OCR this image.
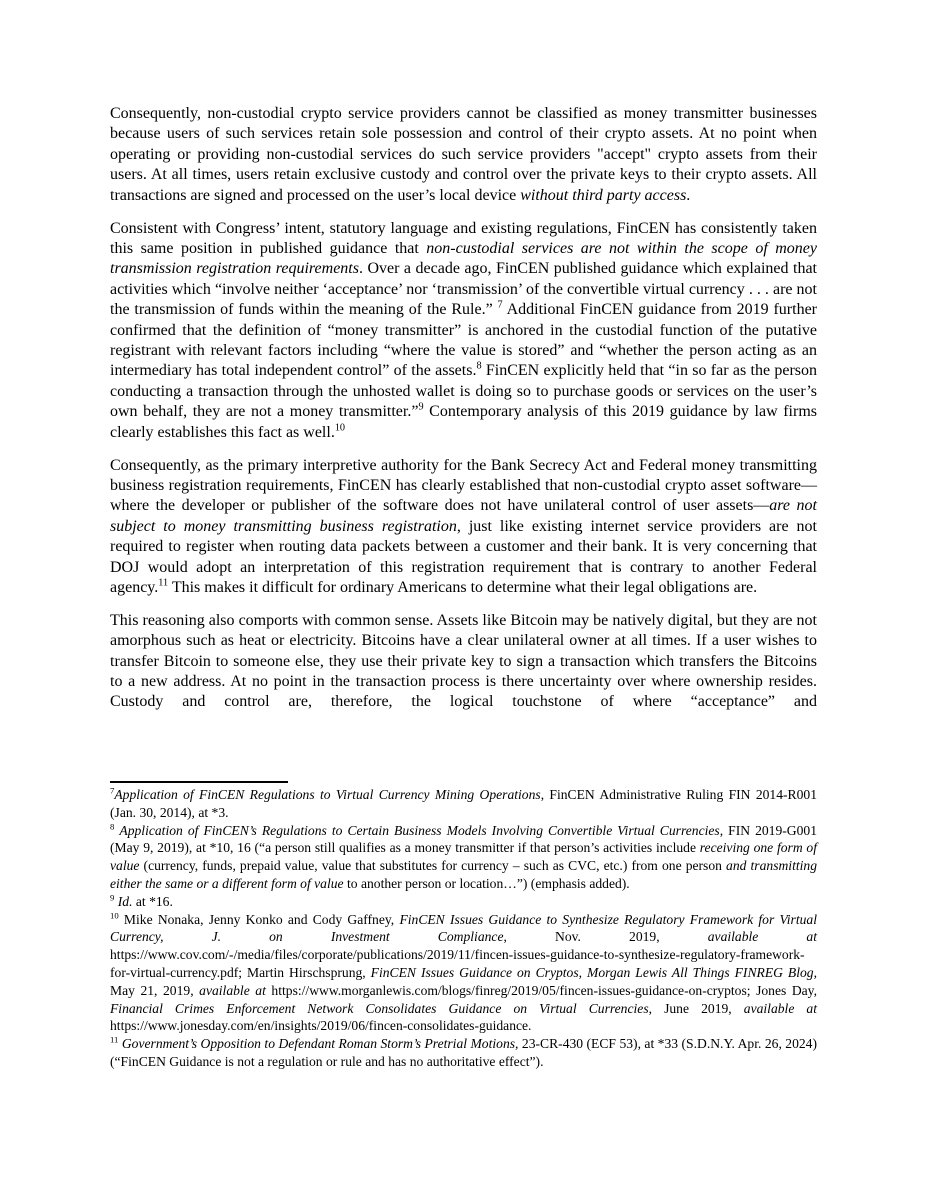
Consequently, non-custodial crypto service providers cannot be classified as money transmitter businesses because users of such services retain sole possession and control of their crypto assets. At no point when operating or providing non-custodial services do such service providers "accept" crypto assets from their users. At all times, users retain exclusive custody and control over the private keys to their crypto assets. All transactions are signed and processed on the user’s local device without third party access.

Consistent with Congress’ intent, statutory language and existing regulations, FinCEN has consistently taken this same position in published guidance that non-custodial services are not within the scope of money transmission registration requirements. Over a decade ago, FinCEN published guidance which explained that activities which “involve neither ‘acceptance’ nor ‘transmission’ of the convertible virtual currency . . . are not the transmission of funds within the meaning of the Rule.” $^7$ Additional FinCEN guidance from 2019 further confirmed that the definition of “money transmitter” is anchored in the custodial function of the putative registrant with relevant factors including “where the value is stored” and “whether the person acting as an intermediary has total independent control” of the assets.$^8$ FinCEN explicitly held that “in so far as the person conducting a transaction through the unhosted wallet is doing so to purchase goods or services on the user’s own behalf, they are not a money transmitter.”$^9$ Contemporary analysis of this 2019 guidance by law firms clearly establishes this fact as well.$^{10}$

Consequently, as the primary interpretive authority for the Bank Secrecy Act and Federal money transmitting business registration requirements, FinCEN has clearly established that non-custodial crypto asset software—where the developer or publisher of the software does not have unilateral control of user assets—are not subject to money transmitting business registration, just like existing internet service providers are not required to register when routing data packets between a customer and their bank. It is very concerning that DOJ would adopt an interpretation of this registration requirement that is contrary to another Federal agency.$^{11}$ This makes it difficult for ordinary Americans to determine what their legal obligations are.

This reasoning also comports with common sense. Assets like Bitcoin may be natively digital, but they are not amorphous such as heat or electricity. Bitcoins have a clear unilateral owner at all times. If a user wishes to transfer Bitcoin to someone else, they use their private key to sign a transaction which transfers the Bitcoins to a new address. At no point in the transaction process is there uncertainty over where ownership resides. Custody and control are, therefore, the logical touchstone of where “acceptance” and

$^7$Application of FinCEN Regulations to Virtual Currency Mining Operations, FinCEN Administrative Ruling FIN 2014-R001 (Jan. 30, 2014), at *3.
$^8$ Application of FinCEN’s Regulations to Certain Business Models Involving Convertible Virtual Currencies, FIN 2019-G001 (May 9, 2019), at *10, 16 (“a person still qualifies as a money transmitter if that person’s activities include receiving one form of value (currency, funds, prepaid value, value that substitutes for currency – such as CVC, etc.) from one person and transmitting either the same or a different form of value to another person or location…”) (emphasis added).
$^9$ Id. at *16.
$^{10}$ Mike Nonaka, Jenny Konko and Cody Gaffney, FinCEN Issues Guidance to Synthesize Regulatory Framework for Virtual Currency, J. on Investment Compliance, Nov. 2019, available at https://www.cov.com/-/media/files/corporate/publications/2019/11/fincen-issues-guidance-to-synthesize-regulatory-framework-for-virtual-currency.pdf; Martin Hirschsprung, FinCEN Issues Guidance on Cryptos, Morgan Lewis All Things FINREG Blog, May 21, 2019, available at https://www.morganlewis.com/blogs/finreg/2019/05/fincen-issues-guidance-on-cryptos; Jones Day, Financial Crimes Enforcement Network Consolidates Guidance on Virtual Currencies, June 2019, available at https://www.jonesday.com/en/insights/2019/06/fincen-consolidates-guidance.
$^{11}$ Government’s Opposition to Defendant Roman Storm’s Pretrial Motions, 23-CR-430 (ECF 53), at *33 (S.D.N.Y. Apr. 26, 2024) (“FinCEN Guidance is not a regulation or rule and has no authoritative effect”).
